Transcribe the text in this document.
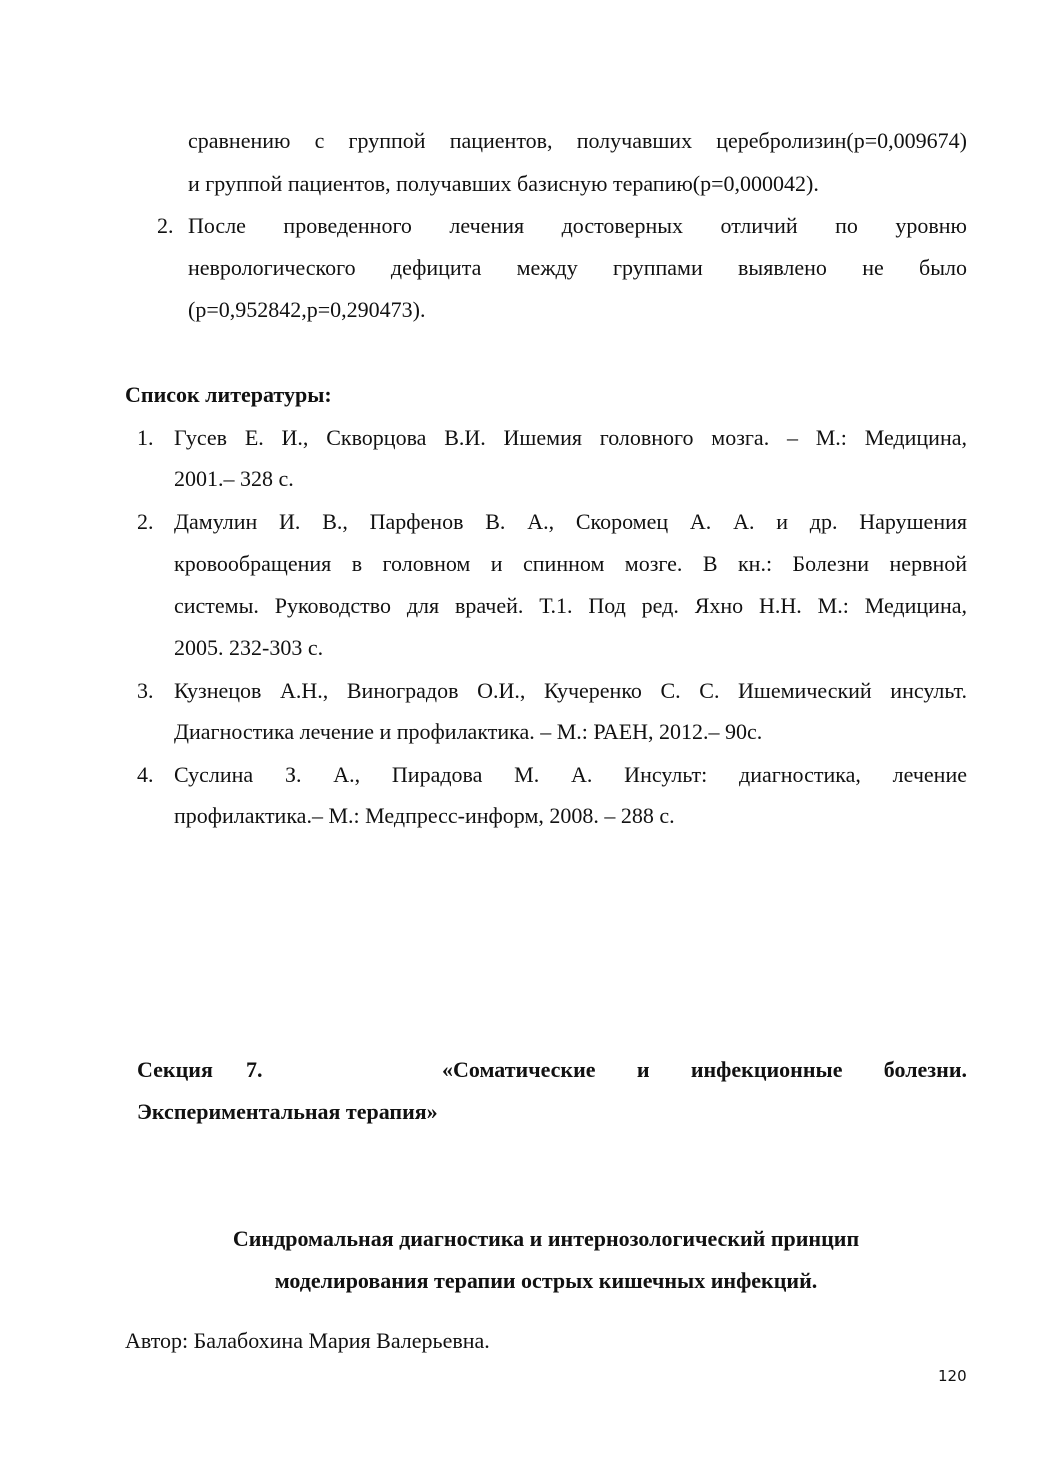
сравнению с группой пациентов, получавших церебролизин(р=0,009674)
и группой пациентов, получавших базисную терапию(р=0,000042).
2. После проведенного лечения достоверных отличий по уровню
неврологического дефицита между группами выявлено не было
(р=0,952842,р=0,290473).
Список литературы:
1. Гусев Е. И., Скворцова В.И. Ишемия головного мозга. – М.: Медицина,
2001.– 328 с.
2. Дамулин И. В., Парфенов В. А., Скоромец А. А. и др. Нарушения
кровообращения в головном и спинном мозге. В кн.: Болезни нервной
системы. Руководство для врачей. Т.1. Под ред. Яхно Н.Н. М.: Медицина,
2005. 232-303 с.
3. Кузнецов А.Н., Виноградов О.И., Кучеренко С. С. Ишемический инсульт.
Диагностика лечение и профилактика. – М.: РАЕН, 2012.– 90с.
4. Суслина З. А., Пирадова М. А. Инсульт: диагностика, лечение
профилактика.– М.: Медпресс-информ, 2008. – 288 с.
Секция 7.	«Соматические и инфекционные болезни.
Экспериментальная терапия»
Синдромальная диагностика и интернозологический принцип
моделирования терапии острых кишечных инфекций.
Автор: Балабохина Мария Валерьевна.
120
